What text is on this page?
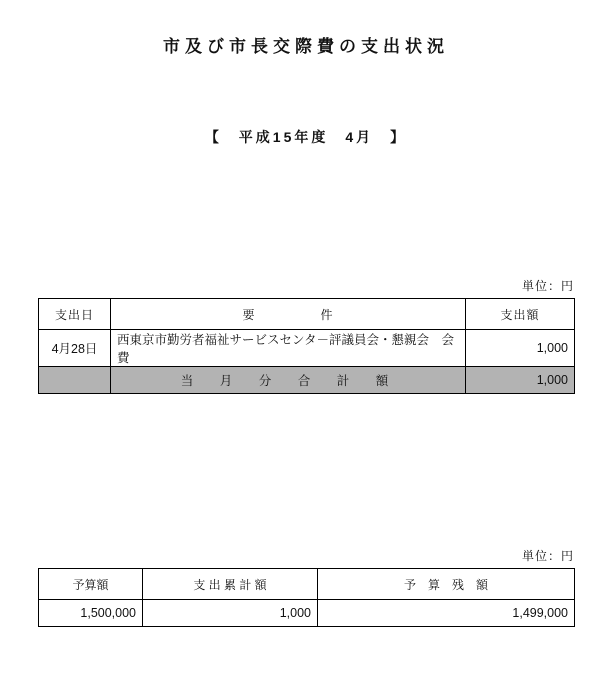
市及び市長交際費の支出状況
【　平成15年度　4月　】
単位：円
支出日	要　　　　　件	支出額
4月28日	西東京市勤労者福祉サービスセンタ－評議員会・懇親会　会費	1,000
	当　月　分　合　計　額	1,000
単位：円
予算額	支 出 累 計 額	予　算　残　額
1,500,000	1,000	1,499,000
